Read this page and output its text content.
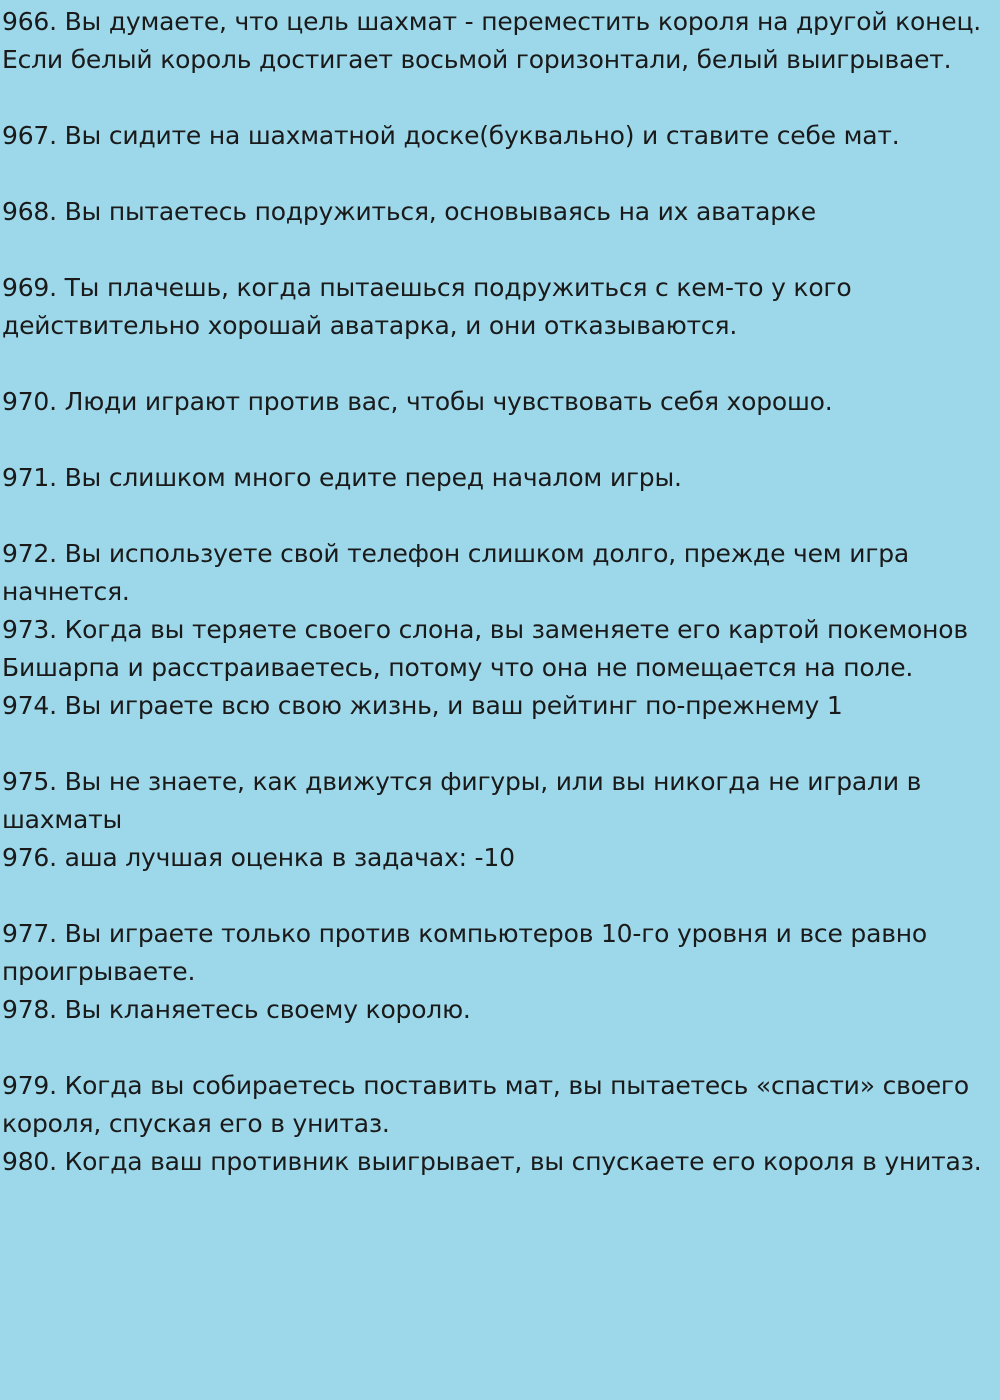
966. Вы думаете, что цель шахмат - переместить короля на другой конец.
Если белый король достигает восьмой горизонтали, белый выигрывает.
967. Вы сидите на шахматной доске(буквально) и ставите себе мат.
968. Вы пытаетесь подружиться, основываясь на их аватарке
969. Ты плачешь, когда пытаешься подружиться с кем-то у кого
действительно хорошай аватарка, и они отказываются.
970. Люди играют против вас, чтобы чувствовать себя хорошо.
971. Вы слишком много едите перед началом игры.
972. Вы используете свой телефон слишком долго, прежде чем игра
начнется.
973. Когда вы теряете своего слона, вы заменяете его картой покемонов
Бишарпа и расстраиваетесь, потому что она не помещается на поле.
974. Вы играете всю свою жизнь, и ваш рейтинг по-прежнему 1
975. Вы не знаете, как движутся фигуры, или вы никогда не играли в
шахматы
976. аша лучшая оценка в задачах: -10
977. Вы играете только против компьютеров 10-го уровня и все равно
проигрываете.
978. Вы кланяетесь своему королю.
979. Когда вы собираетесь поставить мат, вы пытаетесь «спасти» своего
короля, спуская его в унитаз.
980. Когда ваш противник выигрывает, вы спускаете его короля в унитаз.
